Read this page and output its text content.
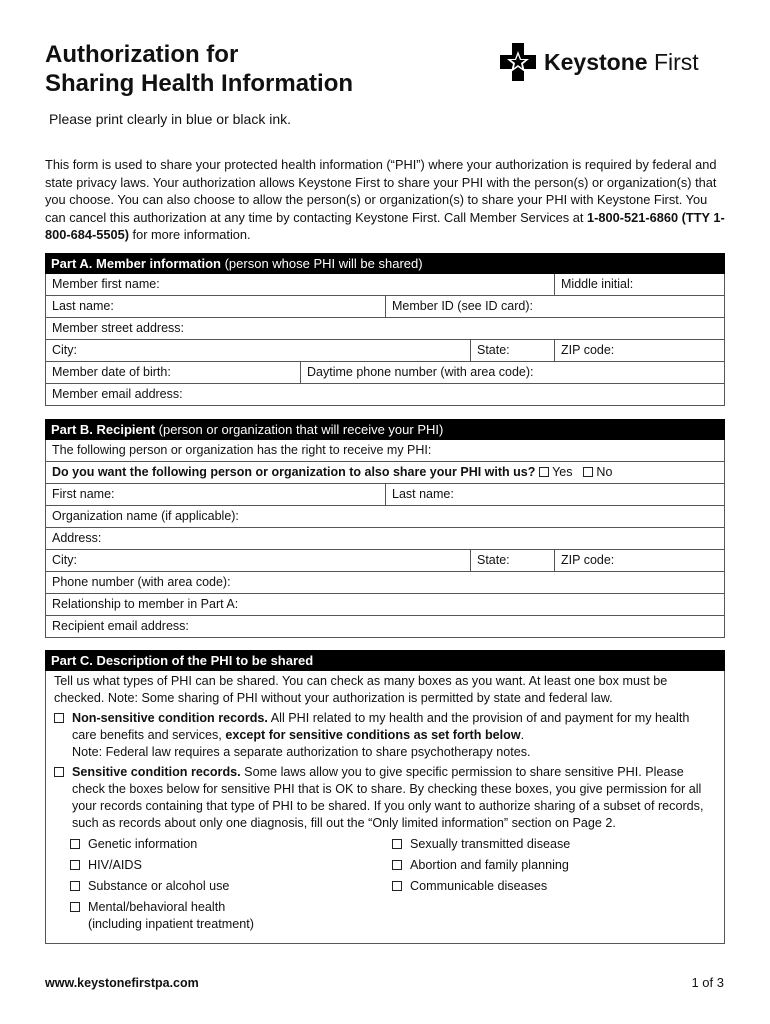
Authorization for
Sharing Health Information
Keystone First
Please print clearly in blue or black ink.
This form is used to share your protected health information (“PHI”) where your authorization is required by federal and state privacy laws. Your authorization allows Keystone First to share your PHI with the person(s) or organization(s) that you choose. You can also choose to allow the person(s) or organization(s) to share your PHI with Keystone First. You can cancel this authorization at any time by contacting Keystone First. Call Member Services at 1-800-521-6860 (TTY 1-800-684-5505) for more information.
Part A. Member information (person whose PHI will be shared)
Member first name:	Middle initial:
Last name:	Member ID (see ID card):
Member street address:
City:	State:	ZIP code:
Member date of birth:	Daytime phone number (with area code):
Member email address:
Part B. Recipient (person or organization that will receive your PHI)
The following person or organization has the right to receive my PHI:
Do you want the following person or organization to also share your PHI with us? Yes No
First name:	Last name:
Organization name (if applicable):
Address:
City:	State:	ZIP code:
Phone number (with area code):
Relationship to member in Part A:
Recipient email address:
Part C. Description of the PHI to be shared
Tell us what types of PHI can be shared. You can check as many boxes as you want. At least one box must be checked. Note: Some sharing of PHI without your authorization is permitted by state and federal law.
Non-sensitive condition records. All PHI related to my health and the provision of and payment for my health care benefits and services, except for sensitive conditions as set forth below.
Note: Federal law requires a separate authorization to share psychotherapy notes.
Sensitive condition records. Some laws allow you to give specific permission to share sensitive PHI. Please check the boxes below for sensitive PHI that is OK to share. By checking these boxes, you give permission for all your records containing that type of PHI to be shared. If you only want to authorize sharing of a subset of records, such as records about only one diagnosis, fill out the “Only limited information” section on Page 2.
Genetic information
HIV/AIDS
Substance or alcohol use
Mental/behavioral health
(including inpatient treatment)
Sexually transmitted disease
Abortion and family planning
Communicable diseases
www.keystonefirstpa.com	1 of 3
